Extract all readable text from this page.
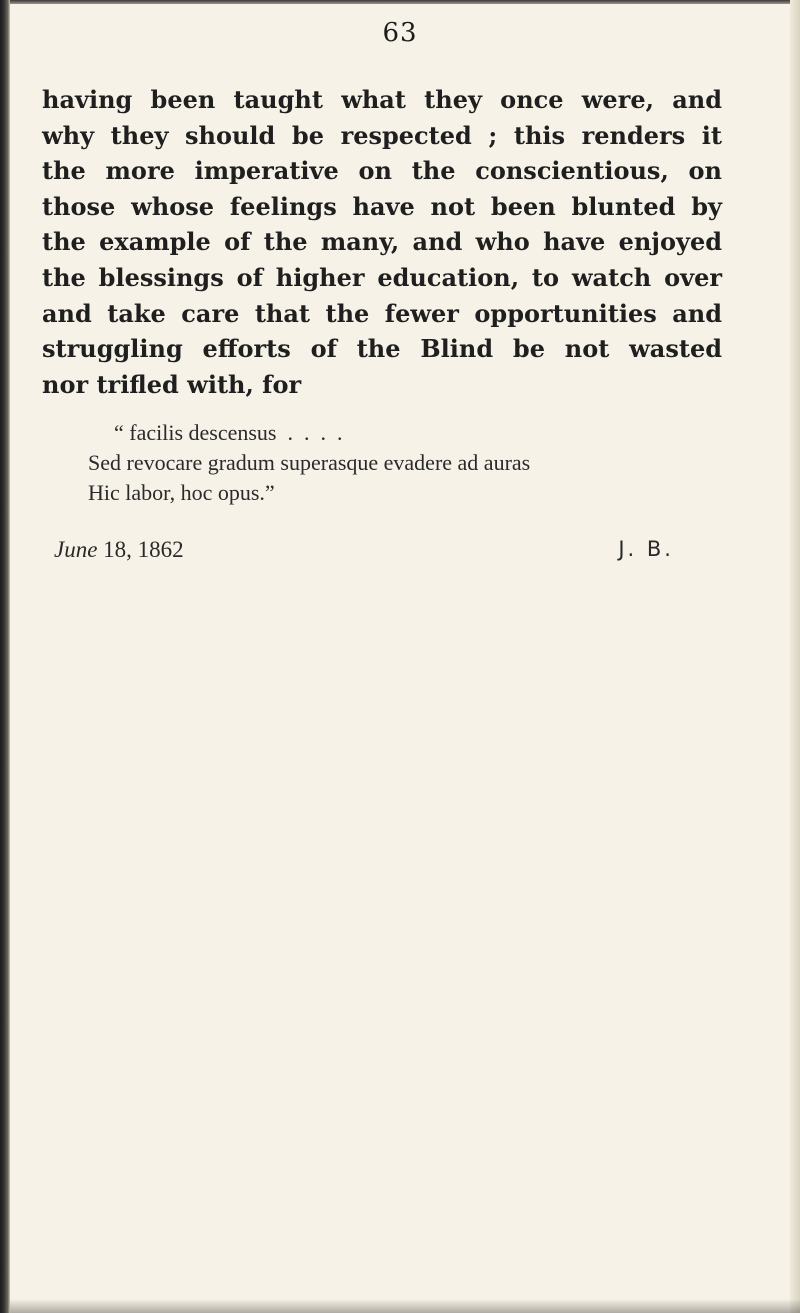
63
having been taught what they once were, and
why they should be respected ; this renders it
the more imperative on the conscientious, on
those whose feelings have not been blunted by
the example of the many, and who have enjoyed
the blessings of higher education, to watch over
and take care that the fewer opportunities and
struggling efforts of the Blind be not wasted
nor trifled with, for
“ facilis descensus  .  .  .  .
Sed revocare gradum superasque evadere ad auras
Hic labor, hoc opus.”
June 18, 1862	J. B.
